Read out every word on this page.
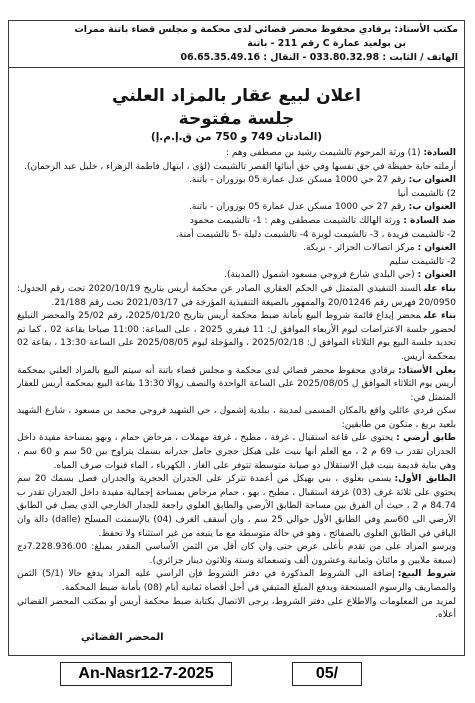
مكتب الأستاذ: برقادي محفوظ محضر قضائي لدى محكمة و مجلس قضاء باتنة ممرات
بن بولعيد عمارة C رقم 211 - باتنة
الهاتف / الثابت : 033.80.32.98 - النقال : 06.65.35.49.16
اعلان لبيع عقار بالمزاد العلني
جلسة مفتوحة
(المادتان 749 و 750 من ق.إ.م.إ)

السادة:(1) ورثة المرحوم تالشيمت رشيد بن مصطفى وهم :

أرملته حابة حفيظة في حق نفسها وفي حق أبنائها القصر تالشيمت (لؤي ، ابتهال فاطمة الزهراء ، خليل عبد الرحمان).

العنوان ب:رقم 27 حي 1000 مسكن عدل عمارة 05 بوزوران - باتنة.

2) تالشيمت أنيا

العنوان ب:رقم 27 حي 1000 مسكن عدل عمارة 05 بوزوران - باتنة.

ضد السادة :ورثة الهالك تالشيمت مصطفى وهم : 1- تالشيمت محمود

2- تالشيمت فريدة ، 3- تالشيمت لويزة 4- تالشيمت دليلة -5 تالشيمت أمنة.

العنوان :مركز اتصالات الجزائر - بريكة.

2- تالشيمت سليم

العنوان :(حي البلدي شارع فروجي مسعود اشمول (المدينة).

بناء علىالسند التنفيذي المتمثل في الحكم العقاري الصادر عن محكمة أريس بتاريخ 2020/10/19 تحت رقم الجدول: 20/0950 فهرس رقم 20/01246 والممهور بالصيغة التنفيذية المؤرخة في 2021/03/17 تحت رقم 21/188.

بناء علىمحضر إيداع قائمة شروط البيع بأمانة ضبط محكمة أريس بتاريخ 2025/01/20، رقم 25/02 والمحضر التبليغ لحضور جلسة الاعتراضات ليوم الأربعاء الموافق ل: 11 فيفري 2025 ، على الساعة: 11:00 صباحا بقاعة 02 ، كما تم تحديد جلسة البيع يوم الثلاثاء الموافق ل: 2025/02/18 ، والمؤجلة ليوم 2025/08/05 على الساعة 13:30 ، بقاعة 02 بمحكمة أريس.

يعلن الأستاذ:برقادي محفوظ محضر قضائي لدى محكمة و مجلس قضاء باتنة أنه سيتم البيع بالمزاد العلني بمحكمة أريس يوم الثلاثاء الموافق ل 2025/08/05 على الساعة الواحدة والنصف زوالا 13:30 بقاعة البيع بمحكمة أريس للعقار المتمثل في:

سكن فردي عائلي واقع بالمكان المسمى لمدينة ، ببلدية إشمول ، حي الشهيد فروجي محمد بن مسعود ، شارع الشهيد بلعيد بريغ ، متكون من طابقين:

طابق أرضي :يحتوي على قاعة استقبال ، غرفة ، مطبخ ، غرفة مهملات ، مرحاض حمام ، وبهو بمساحة مفيدة داخل الجدران تقدر ب 69 م 2 ، مع العلم أنها بنيت على هيكل حجري حامل جدرانه بسمك يتراوح بين 50 سم و 60 سم ، وهي بناية قديمة بنيت قبل الاستقلال ذو صيانة متوسطة تتوفر على الغاز ، الكهرباء ، الماء قنوات صرف المياه.

الطابق الأول:يسمى بعلوي ، بني بهيكل من أعمدة تتركز على الجدران الحجرية والجدران فصل بسمك 20 سم يحتوي على ثلاثة غرف (03) غرفة استقبال ، مطبخ ، بهو ، حمام مرحاض بمساحة إجمالية مفيدة داخل الجدران تقدر ب 84.74 م 2 ، حيث أن الفرق بين مساحة الطابق الأرضي والطابق العلوي راجعة للجدار الخارجي الذي يصل في الطابق الأرضي الى 60سم وفي الطابق الأول حوالي 25 سم ، وان أسقف الغرف (04) بالإسمنت المسلح (dalle) دالة وان الباقي في الطابق العلوي بالصفائح ، وهو في حالة متوسطة مع ما يتبعه من غير استثناء ولا تحفظ.

ويرسو المزاد على من تقدم بأعلى عرض حتى وان كان أقل من الثمن الأساسي المقدر بمبلغ: 7.228.936.00دج (سبعة ملايين و مائتان وثمانية وعشرون ألف وتسعمائة وستة وثلاثون دينار جزائري).

شروط البيع:إضافة الى الشروط المذكورة في دفتر الشروط فإن الراسي عليه المزاد يدفع حالا (5/1) الثمن والمصاريف والرسوم المستحقة ويدفع المبلغ المتبقي في أجل أقصاه ثمانية أيام (08) بأمانة ضبط المحكمة.

لمزيد من المعلومات والاطلاع على دفتر الشروط، يرجى الاتصال بكتابة ضبط محكمة أريس أو بمكتب المحضر القضائي أعلاه.

المحضر القضائي
An-Nasr12-7-2025	05/
